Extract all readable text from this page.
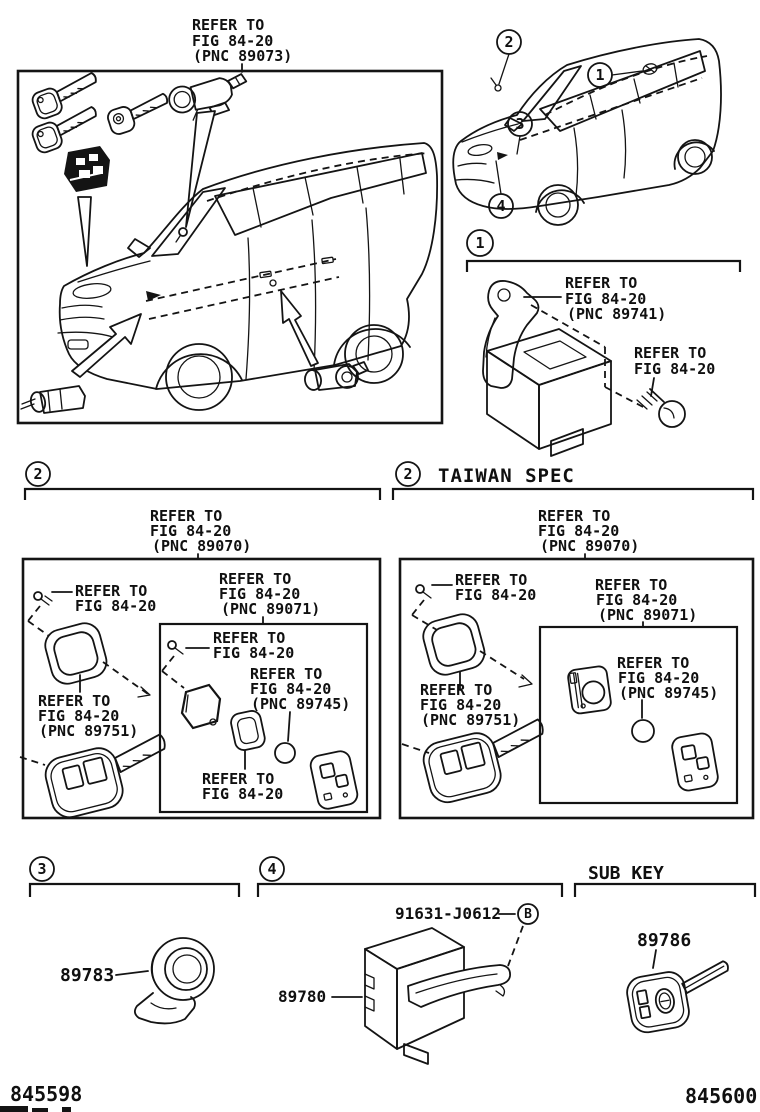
REFER TO
FIG 84-20
(PNC 89073)
2
1
3
4
1
REFER TO
FIG 84-20
(PNC 89741)
REFER TO
FIG 84-20
2
REFER TO
FIG 84-20
(PNC 89070)
REFER TO
FIG 84-20
REFER TO
FIG 84-20
(PNC 89751)
REFER TO
FIG 84-20
(PNC 89071)
REFER TO
FIG 84-20
REFER TO
FIG 84-20
(PNC 89745)
REFER TO
FIG 84-20
2 TAIWAN SPEC
REFER TO
FIG 84-20
(PNC 89070)
REFER TO
FIG 84-20
REFER TO
FIG 84-20
(PNC 89751)
REFER TO
FIG 84-20
(PNC 89071)
REFER TO
FIG 84-20
(PNC 89745)
3
89783
4
91631-J0612 B
89780
SUB KEY
89786
845598	845600
